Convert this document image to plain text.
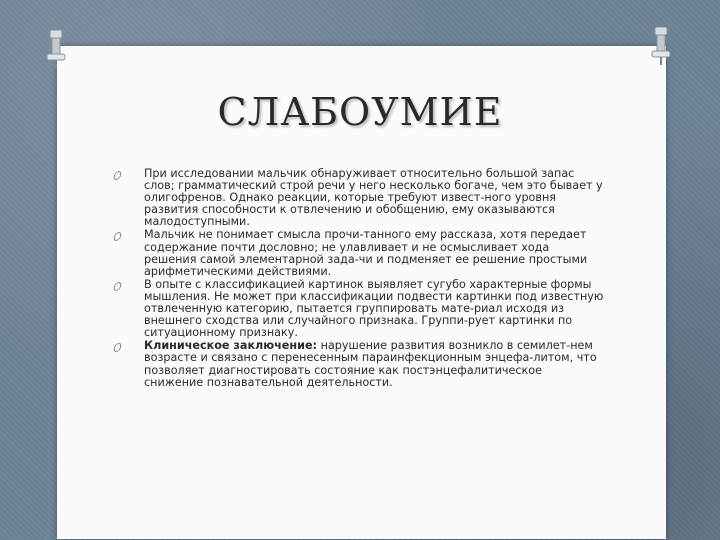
СЛАБОУМИЕ
При исследовании мальчик обнаруживает относительно большой запас слов; грамматический строй речи у него несколько богаче, чем это бывает у олигофренов. Однако реакции, которые требуют извест-ного уровня развития способности к отвлечению и обобщению, ему оказываются малодоступными.
Мальчик не понимает смысла прочи-танного ему рассказа, хотя передает содержание почти дословно; не улавливает и не осмысливает хода решения самой элементарной зада-чи и подменяет ее решение простыми арифметическими действиями.
В опыте с классификацией картинок выявляет сугубо характерные формы мышления. Не может при классификации подвести картинки под известную отвлеченную категорию, пытается группировать мате-риал исходя из внешнего сходства или случайного признака. Группи-рует картинки по ситуационному признаку.
Клиническое заключение: нарушение развития возникло в семилет-нем возрасте и связано с перенесенным параинфекционным энцефа-литом, что позволяет диагностировать состояние как постэнцефалитическое снижение познавательной деятельности.
